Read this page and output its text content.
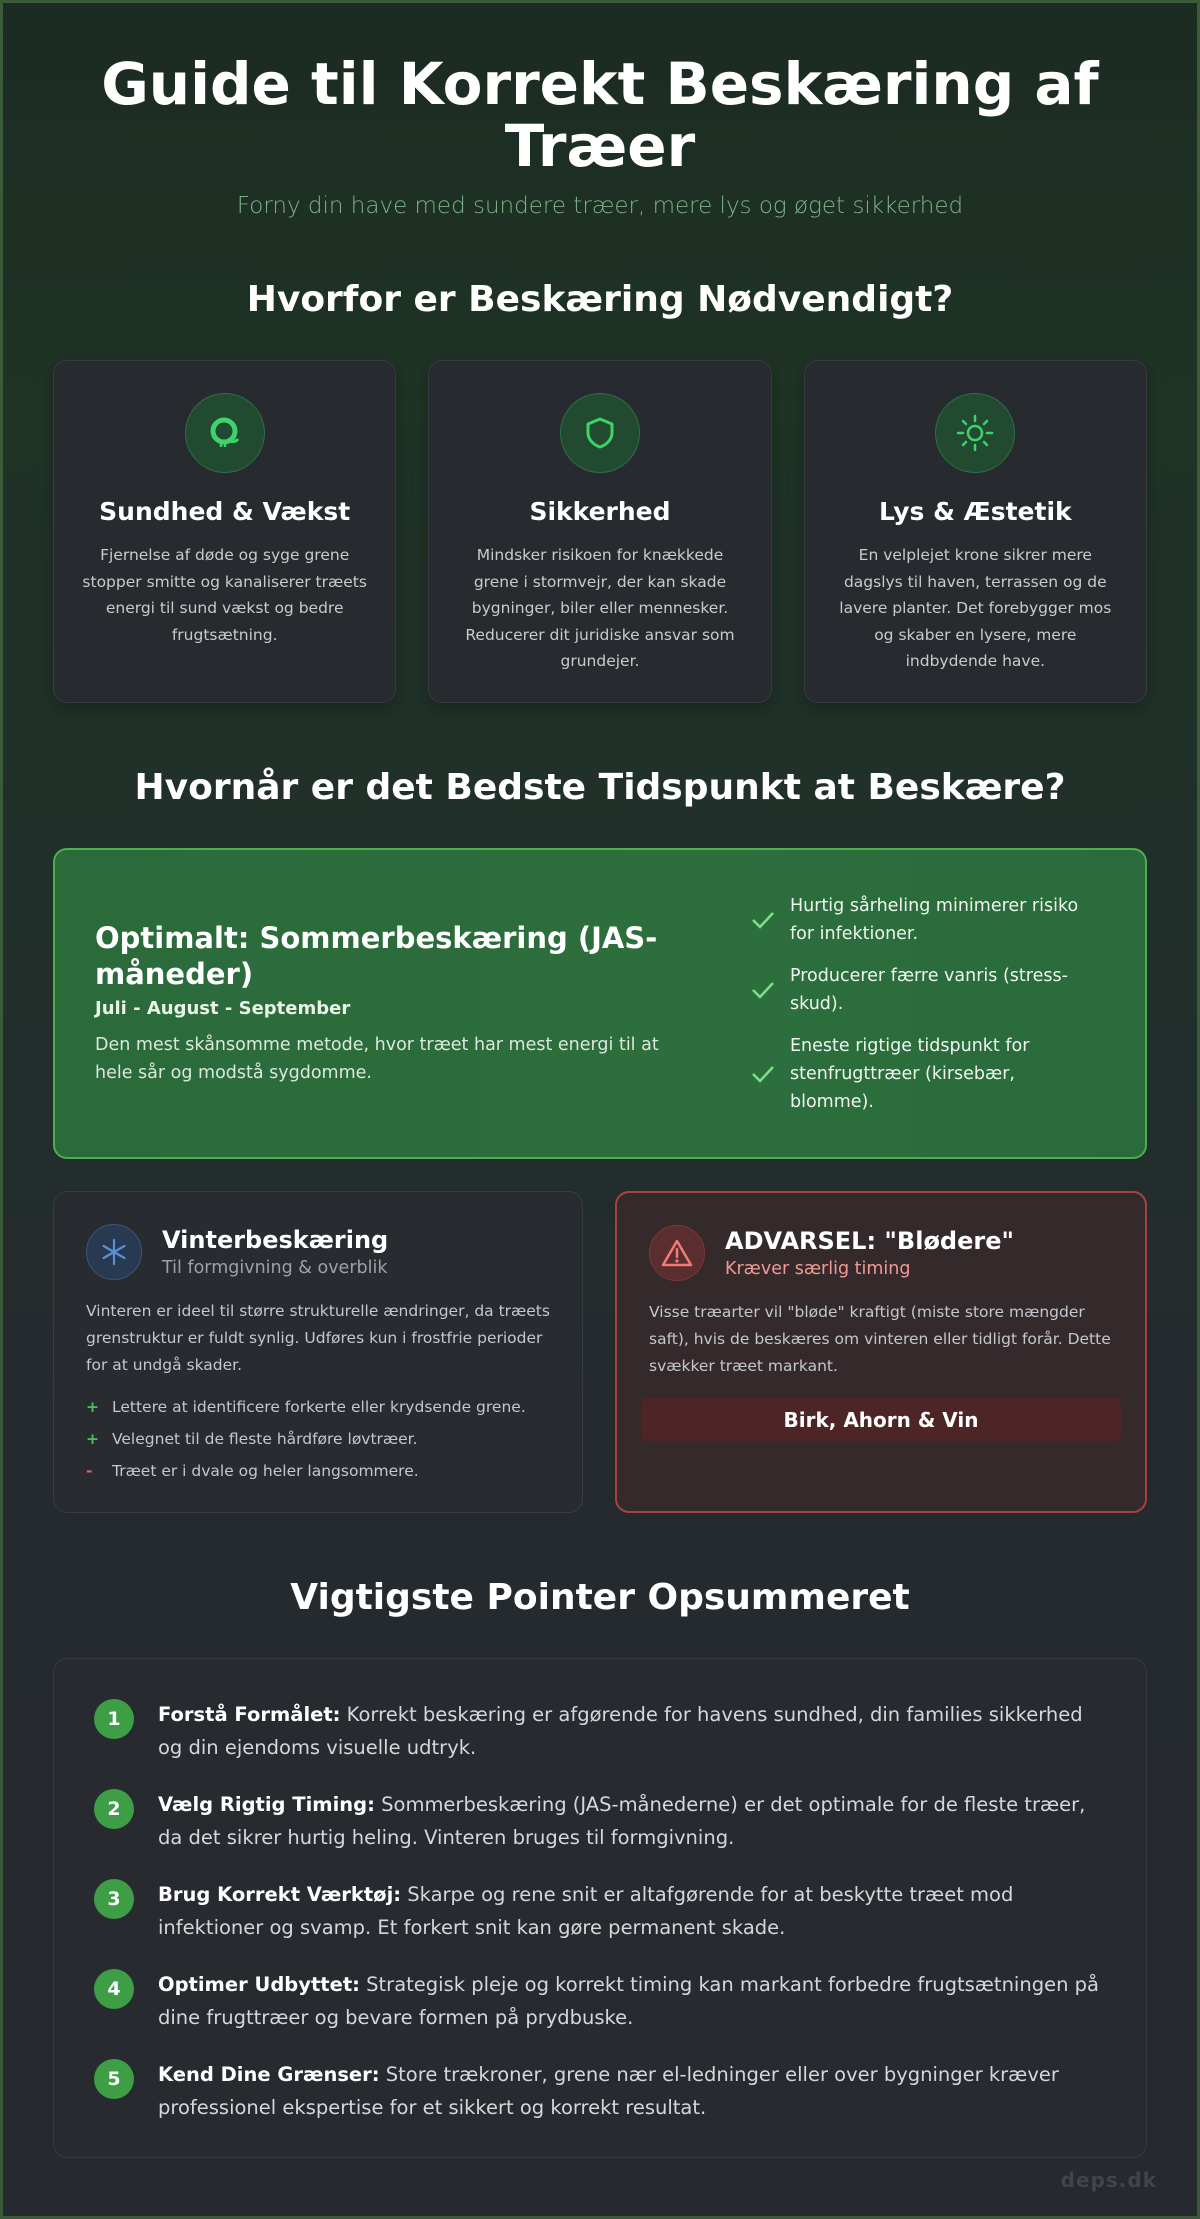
Guide til Korrekt Beskæring af Træer
Forny din have med sundere træer, mere lys og øget sikkerhed
Hvorfor er Beskæring Nødvendigt?
Sundhed & Vækst
Fjernelse af døde og syge grene stopper smitte og kanaliserer træets energi til sund vækst og bedre frugtsætning.
Sikkerhed
Mindsker risikoen for knækkede grene i stormvejr, der kan skade bygninger, biler eller mennesker. Reducerer dit juridiske ansvar som grundejer.
Lys & Æstetik
En velplejet krone sikrer mere dagslys til haven, terrassen og de lavere planter. Det forebygger mos og skaber en lysere, mere indbydende have.
Hvornår er det Bedste Tidspunkt at Beskære?
Optimalt: Sommerbeskæring (JAS-måneder)
Juli - August - September
Den mest skånsomme metode, hvor træet har mest energi til at hele sår og modstå sygdomme.
Hurtig sårheling minimerer risiko for infektioner.
Producerer færre vanris (stress-skud).
Eneste rigtige tidspunkt for stenfrugttræer (kirsebær, blomme).
Vinterbeskæring
Til formgivning & overblik
Vinteren er ideel til større strukturelle ændringer, da træets grenstruktur er fuldt synlig. Udføres kun i frostfrie perioder for at undgå skader.
+ Lettere at identificere forkerte eller krydsende grene.
+ Velegnet til de fleste hårdføre løvtræer.
-	Træet er i dvale og heler langsommere.
ADVARSEL: "Blødere"
Kræver særlig timing
Visse træarter vil "bløde" kraftigt (miste store mængder saft), hvis de beskæres om vinteren eller tidligt forår. Dette svækker træet markant.
Birk, Ahorn & Vin
Vigtigste Pointer Opsummeret
1	Forstå Formålet: Korrekt beskæring er afgørende for havens sundhed, din families sikkerhed og din ejendoms visuelle udtryk.
2	Vælg Rigtig Timing: Sommerbeskæring (JAS-månederne) er det optimale for de fleste træer, da det sikrer hurtig heling. Vinteren bruges til formgivning.
3	Brug Korrekt Værktøj: Skarpe og rene snit er altafgørende for at beskytte træet mod infektioner og svamp. Et forkert snit kan gøre permanent skade.
4	Optimer Udbyttet: Strategisk pleje og korrekt timing kan markant forbedre frugtsætningen på dine frugttræer og bevare formen på prydbuske.
5	Kend Dine Grænser: Store trækroner, grene nær el-ledninger eller over bygninger kræver professionel ekspertise for et sikkert og korrekt resultat.
deps.dk
